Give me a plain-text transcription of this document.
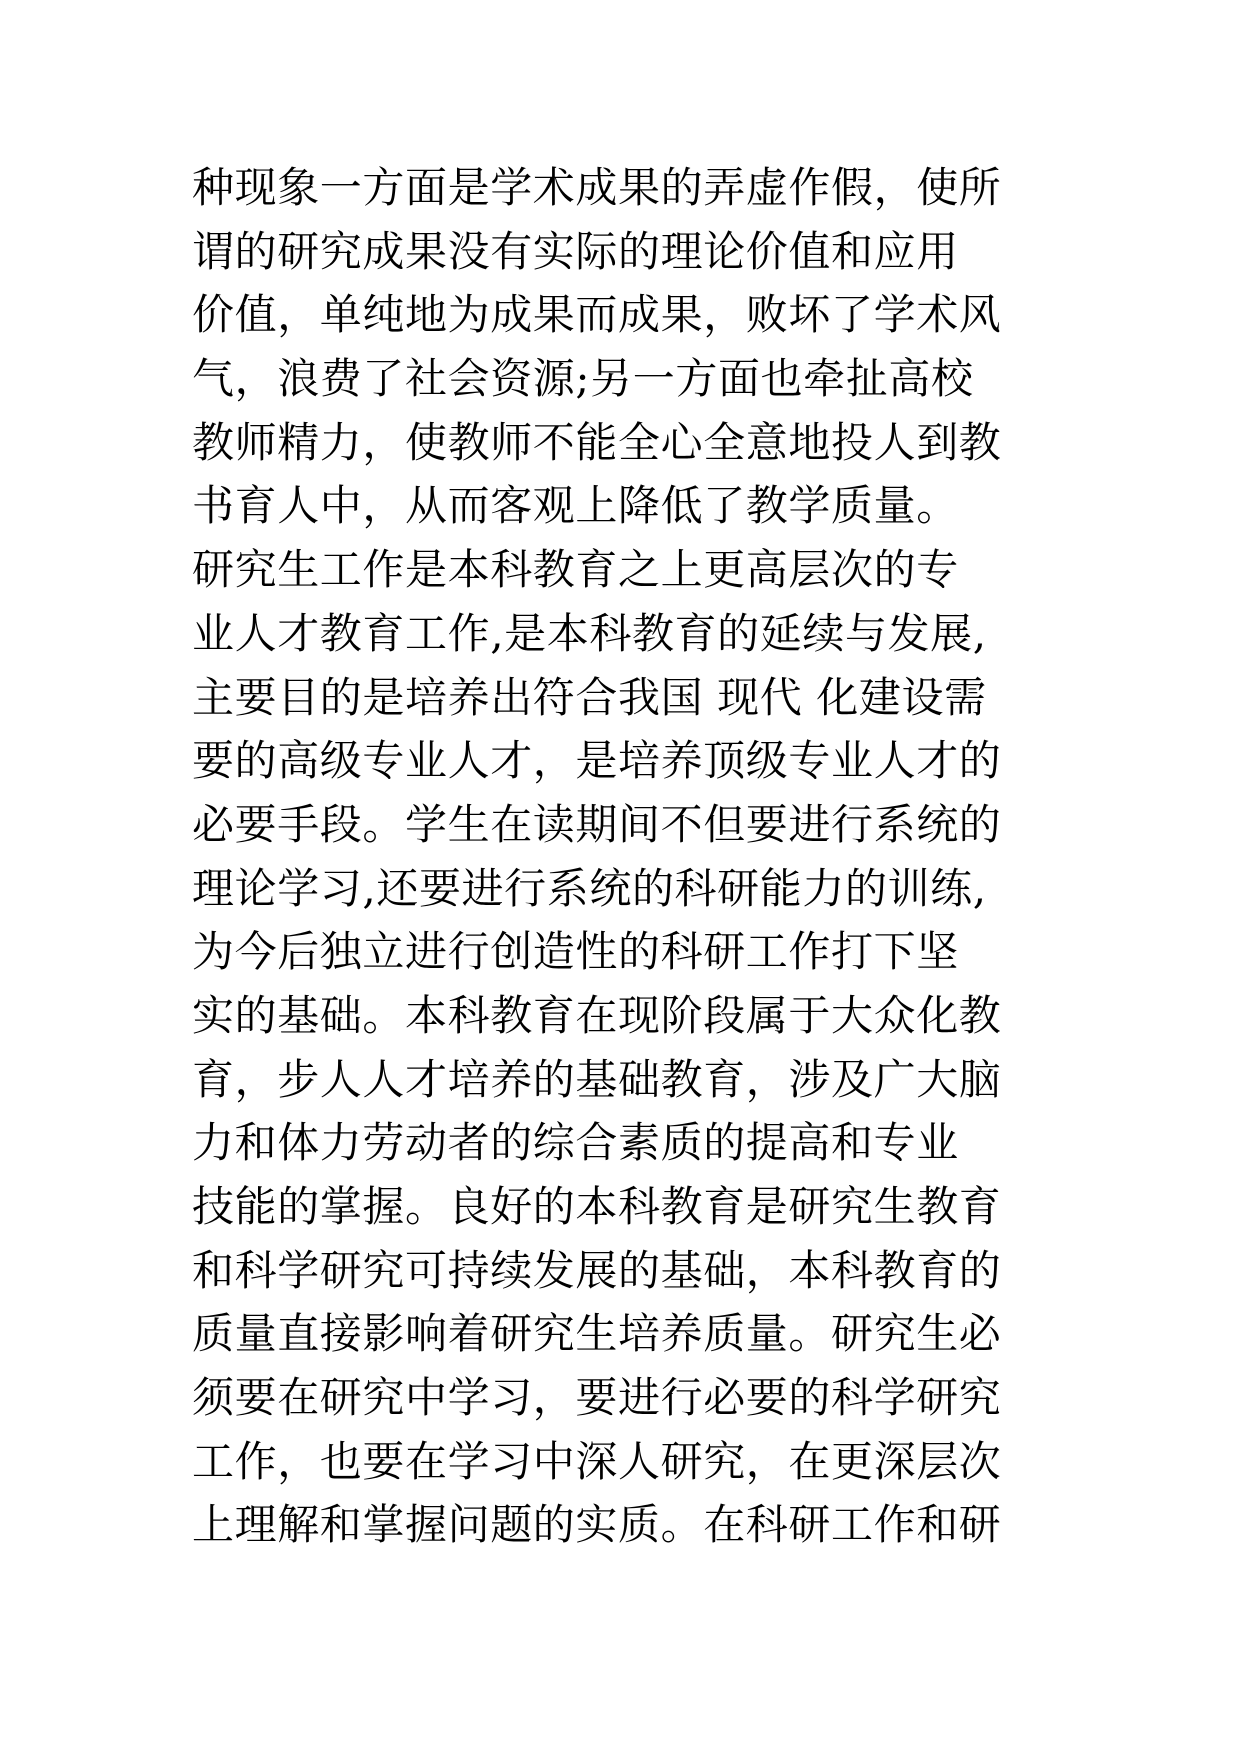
种现象一方面是学术成果的弄虚作假，使所
谓的研究成果没有实际的理论价值和应用
价值，单纯地为成果而成果，败坏了学术风
气，浪费了社会资源;另一方面也牵扯高校
教师精力，使教师不能全心全意地投人到教
书育人中，从而客观上降低了教学质量。
研究生工作是本科教育之上更高层次的专
业人才教育工作,是本科教育的延续与发展,
主要目的是培养出符合我国 现代 化建设需
要的高级专业人才，是培养顶级专业人才的
必要手段。学生在读期间不但要进行系统的
理论学习,还要进行系统的科研能力的训练,
为今后独立进行创造性的科研工作打下坚
实的基础。本科教育在现阶段属于大众化教
育，步人人才培养的基础教育，涉及广大脑
力和体力劳动者的综合素质的提高和专业
技能的掌握。良好的本科教育是研究生教育
和科学研究可持续发展的基础，本科教育的
质量直接影响着研究生培养质量。研究生必
须要在研究中学习，要进行必要的科学研究
工作，也要在学习中深人研究，在更深层次
上理解和掌握问题的实质。在科研工作和研
